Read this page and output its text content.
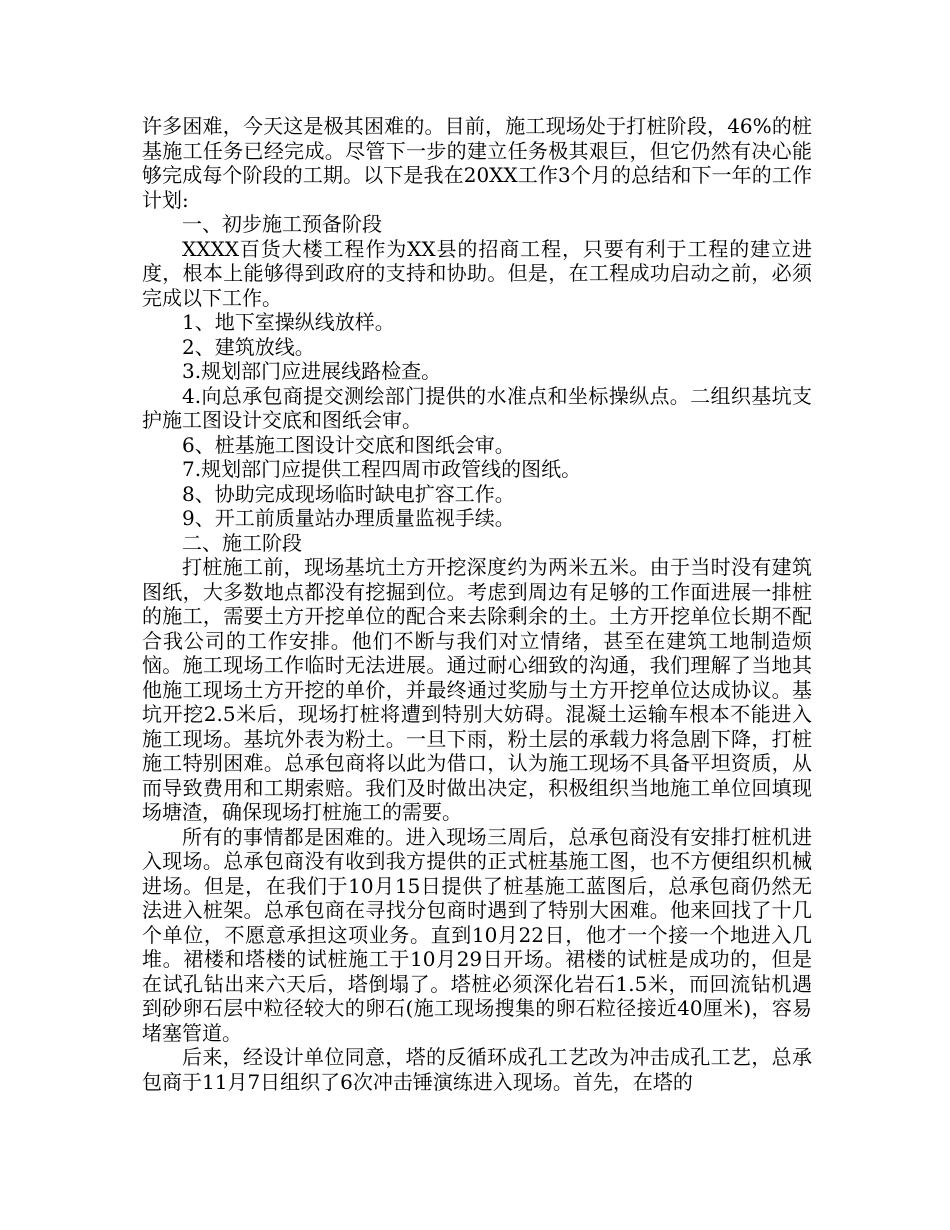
许多困难，今天这是极其困难的。目前，施工现场处于打桩阶段，46%的桩基施工任务已经完成。尽管下一步的建立任务极其艰巨，但它仍然有决心能够完成每个阶段的工期。以下是我在20XX工作3个月的总结和下一年的工作计划:

一、初步施工预备阶段

XXXX百货大楼工程作为XX县的招商工程，只要有利于工程的建立进度，根本上能够得到政府的支持和协助。但是，在工程成功启动之前，必须完成以下工作。

1、地下室操纵线放样。

2、建筑放线。

3.规划部门应进展线路检查。

4.向总承包商提交测绘部门提供的水准点和坐标操纵点。二组织基坑支护施工图设计交底和图纸会审。

6、桩基施工图设计交底和图纸会审。

7.规划部门应提供工程四周市政管线的图纸。

8、协助完成现场临时缺电扩容工作。

9、开工前质量站办理质量监视手续。

二、施工阶段

打桩施工前，现场基坑土方开挖深度约为两米五米。由于当时没有建筑图纸，大多数地点都没有挖掘到位。考虑到周边有足够的工作面进展一排桩的施工，需要土方开挖单位的配合来去除剩余的土。土方开挖单位长期不配合我公司的工作安排。他们不断与我们对立情绪，甚至在建筑工地制造烦恼。施工现场工作临时无法进展。通过耐心细致的沟通，我们理解了当地其他施工现场土方开挖的单价，并最终通过奖励与土方开挖单位达成协议。基坑开挖2.5米后，现场打桩将遭到特别大妨碍。混凝土运输车根本不能进入施工现场。基坑外表为粉土。一旦下雨，粉土层的承载力将急剧下降，打桩施工特别困难。总承包商将以此为借口，认为施工现场不具备平坦资质，从而导致费用和工期索赔。我们及时做出决定，积极组织当地施工单位回填现场塘渣，确保现场打桩施工的需要。

所有的事情都是困难的。进入现场三周后，总承包商没有安排打桩机进入现场。总承包商没有收到我方提供的正式桩基施工图，也不方便组织机械进场。但是，在我们于10月15日提供了桩基施工蓝图后，总承包商仍然无法进入桩架。总承包商在寻找分包商时遇到了特别大困难。他来回找了十几个单位，不愿意承担这项业务。直到10月22日，他才一个接一个地进入几堆。裙楼和塔楼的试桩施工于10月29日开场。裙楼的试桩是成功的，但是在试孔钻出来六天后，塔倒塌了。塔桩必须深化岩石1.5米，而回流钻机遇到砂卵石层中粒径较大的卵石(施工现场搜集的卵石粒径接近40厘米)，容易堵塞管道。

后来，经设计单位同意，塔的反循环成孔工艺改为冲击成孔工艺，总承包商于11月7日组织了6次冲击锤演练进入现场。首先，在塔的
